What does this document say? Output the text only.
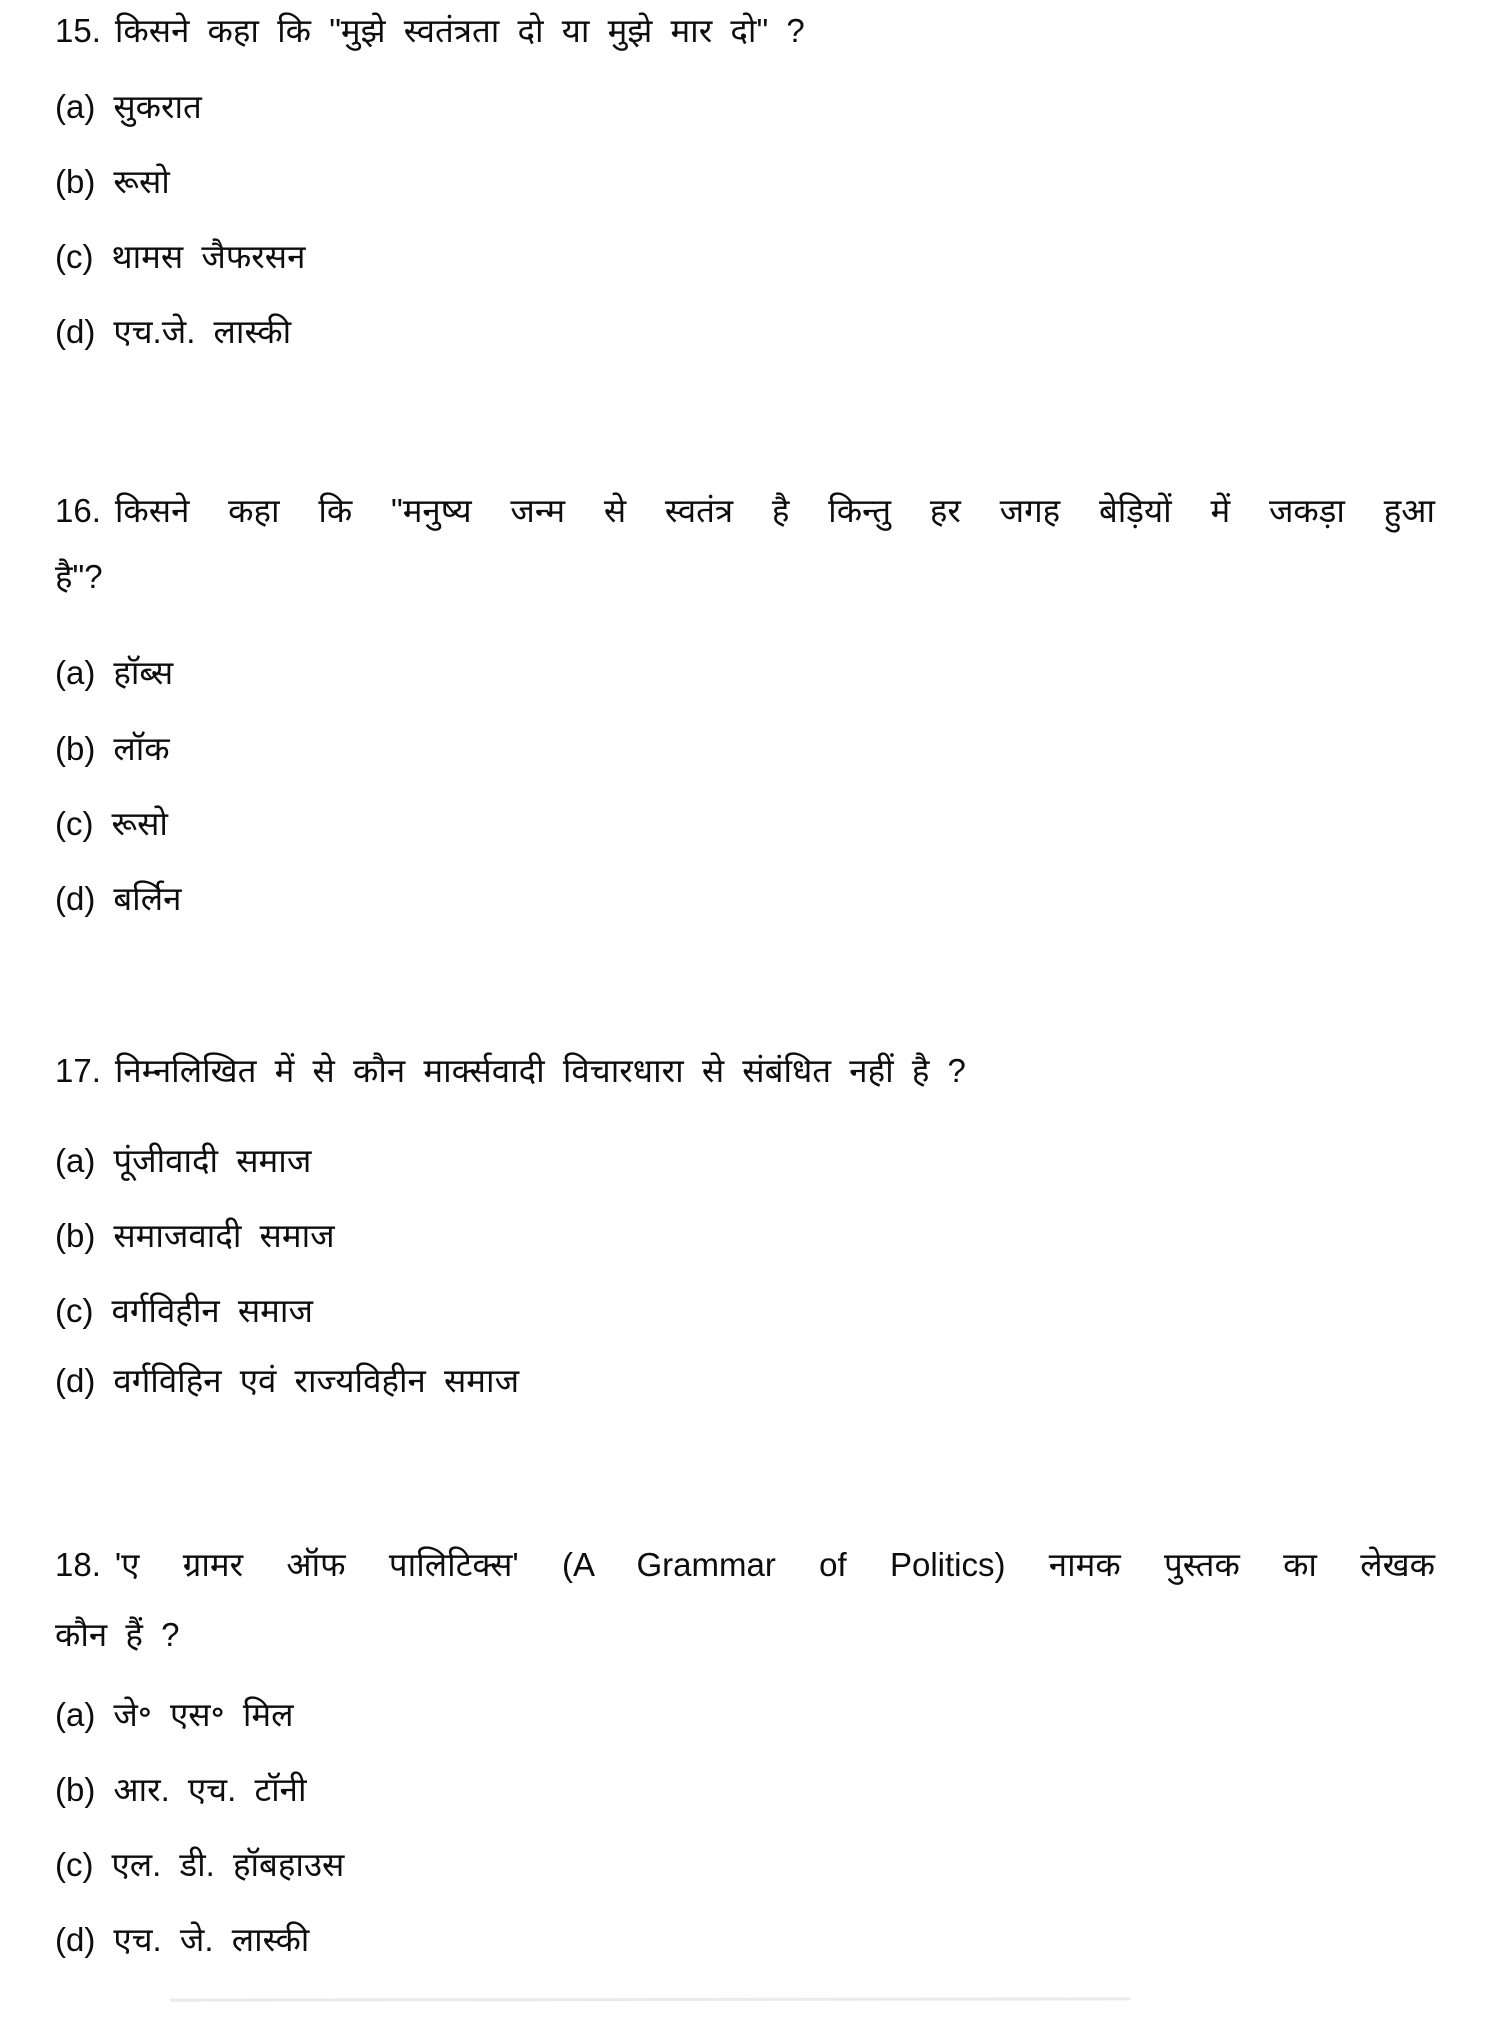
15. किसने कहा कि "मुझे स्वतंत्रता दो या मुझे मार दो" ?
(a) सुकरात
(b) रूसो
(c) थामस जैफरसन
(d) एच.जे. लास्की
16. किसने कहा कि "मनुष्य जन्म से स्वतंत्र है किन्तु हर जगह बेड़ियों में जकड़ा हुआ
है"?
(a) हॉब्स
(b) लॉक
(c) रूसो
(d) बर्लिन
17. निम्नलिखित में से कौन मार्क्सवादी विचारधारा से संबंधित नहीं है ?
(a) पूंजीवादी समाज
(b) समाजवादी समाज
(c) वर्गविहीन समाज
(d) वर्गविहिन एवं राज्यविहीन समाज
18. 'ए ग्रामर ऑफ पालिटिक्स' (A Grammar of Politics) नामक पुस्तक का लेखक
कौन हैं ?
(a) जे॰ एस॰ मिल
(b) आर. एच. टॉनी
(c) एल. डी. हॉबहाउस
(d) एच. जे. लास्की
